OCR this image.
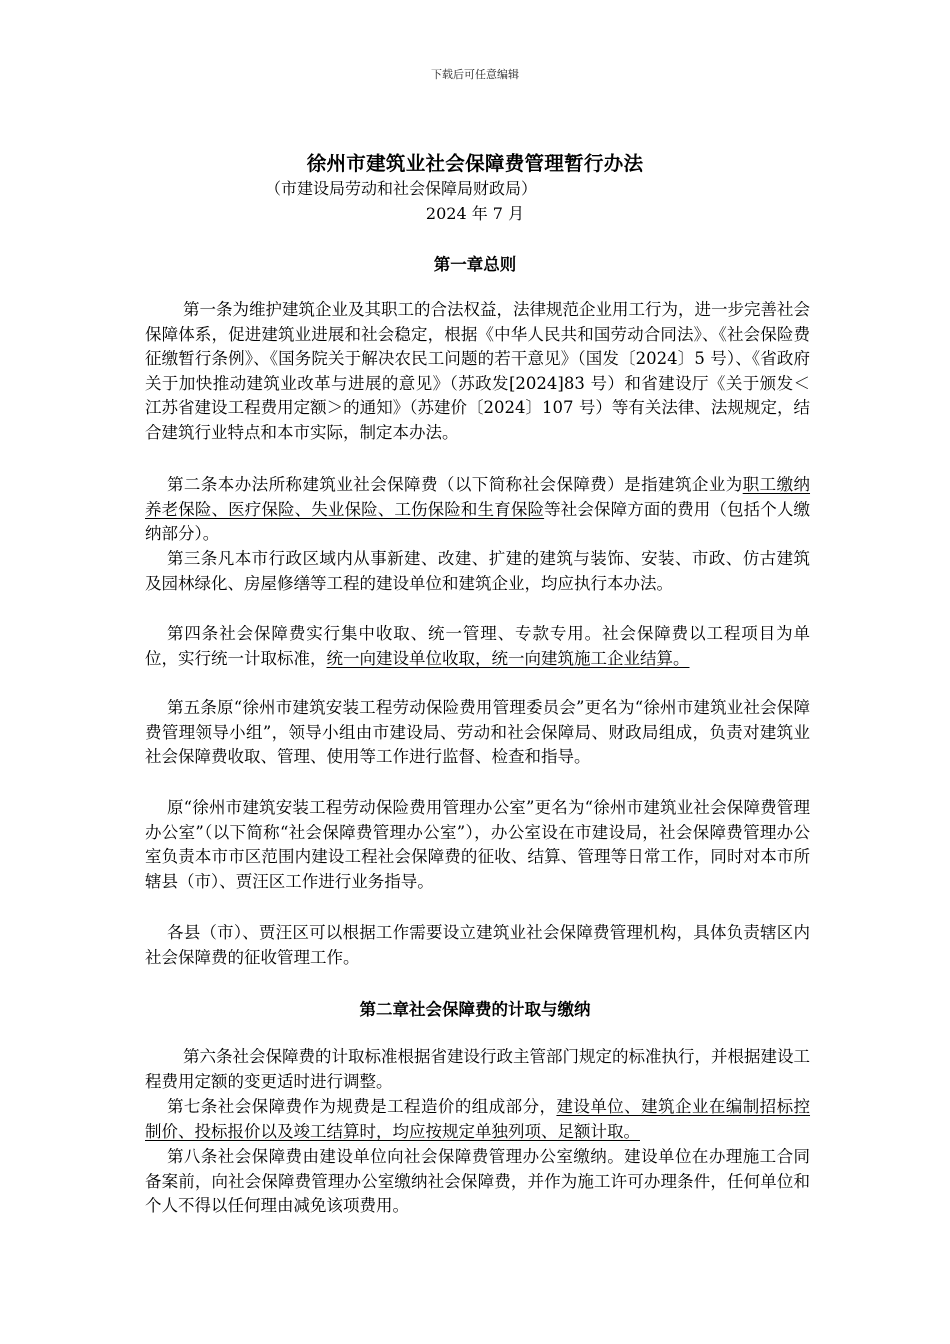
下载后可任意编辑
徐州市建筑业社会保障费管理暂行办法
（市建设局劳动和社会保障局财政局）
2024 年 7 月
第一章总则

第一条为维护建筑企业及其职工的合法权益，法律规范企业用工行为，进一步完善社会保障体系，促进建筑业进展和社会稳定，根据《中华人民共和国劳动合同法》、《社会保险费征缴暂行条例》、《国务院关于解决农民工问题的若干意见》（国发〔2024〕5 号）、《省政府关于加快推动建筑业改革与进展的意见》（苏政发[2024]83 号）和省建设厅《关于颁发＜江苏省建设工程费用定额＞的通知》（苏建价〔2024〕107 号）等有关法律、法规规定，结合建筑行业特点和本市实际，制定本办法。

第二条本办法所称建筑业社会保障费（以下简称社会保障费）是指建筑企业为职工缴纳养老保险、医疗保险、失业保险、工伤保险和生育保险等社会保障方面的费用（包括个人缴纳部分）。

第三条凡本市行政区域内从事新建、改建、扩建的建筑与装饰、安装、市政、仿古建筑及园林绿化、房屋修缮等工程的建设单位和建筑企业，均应执行本办法。

第四条社会保障费实行集中收取、统一管理、专款专用。社会保障费以工程项目为单位，实行统一计取标准，统一向建设单位收取，统一向建筑施工企业结算。

第五条原“徐州市建筑安装工程劳动保险费用管理委员会”更名为“徐州市建筑业社会保障费管理领导小组”，领导小组由市建设局、劳动和社会保障局、财政局组成，负责对建筑业社会保障费收取、管理、使用等工作进行监督、检查和指导。

原“徐州市建筑安装工程劳动保险费用管理办公室”更名为“徐州市建筑业社会保障费管理办公室”（以下简称“社会保障费管理办公室”），办公室设在市建设局，社会保障费管理办公室负责本市市区范围内建设工程社会保障费的征收、结算、管理等日常工作，同时对本市所辖县（市）、贾汪区工作进行业务指导。

各县（市）、贾汪区可以根据工作需要设立建筑业社会保障费管理机构，具体负责辖区内社会保障费的征收管理工作。

第二章社会保障费的计取与缴纳

第六条社会保障费的计取标准根据省建设行政主管部门规定的标准执行，并根据建设工程费用定额的变更适时进行调整。

第七条社会保障费作为规费是工程造价的组成部分，建设单位、建筑企业在编制招标控制价、投标报价以及竣工结算时，均应按规定单独列项、足额计取。

第八条社会保障费由建设单位向社会保障费管理办公室缴纳。建设单位在办理施工合同备案前，向社会保障费管理办公室缴纳社会保障费，并作为施工许可办理条件，任何单位和个人不得以任何理由减免该项费用。
